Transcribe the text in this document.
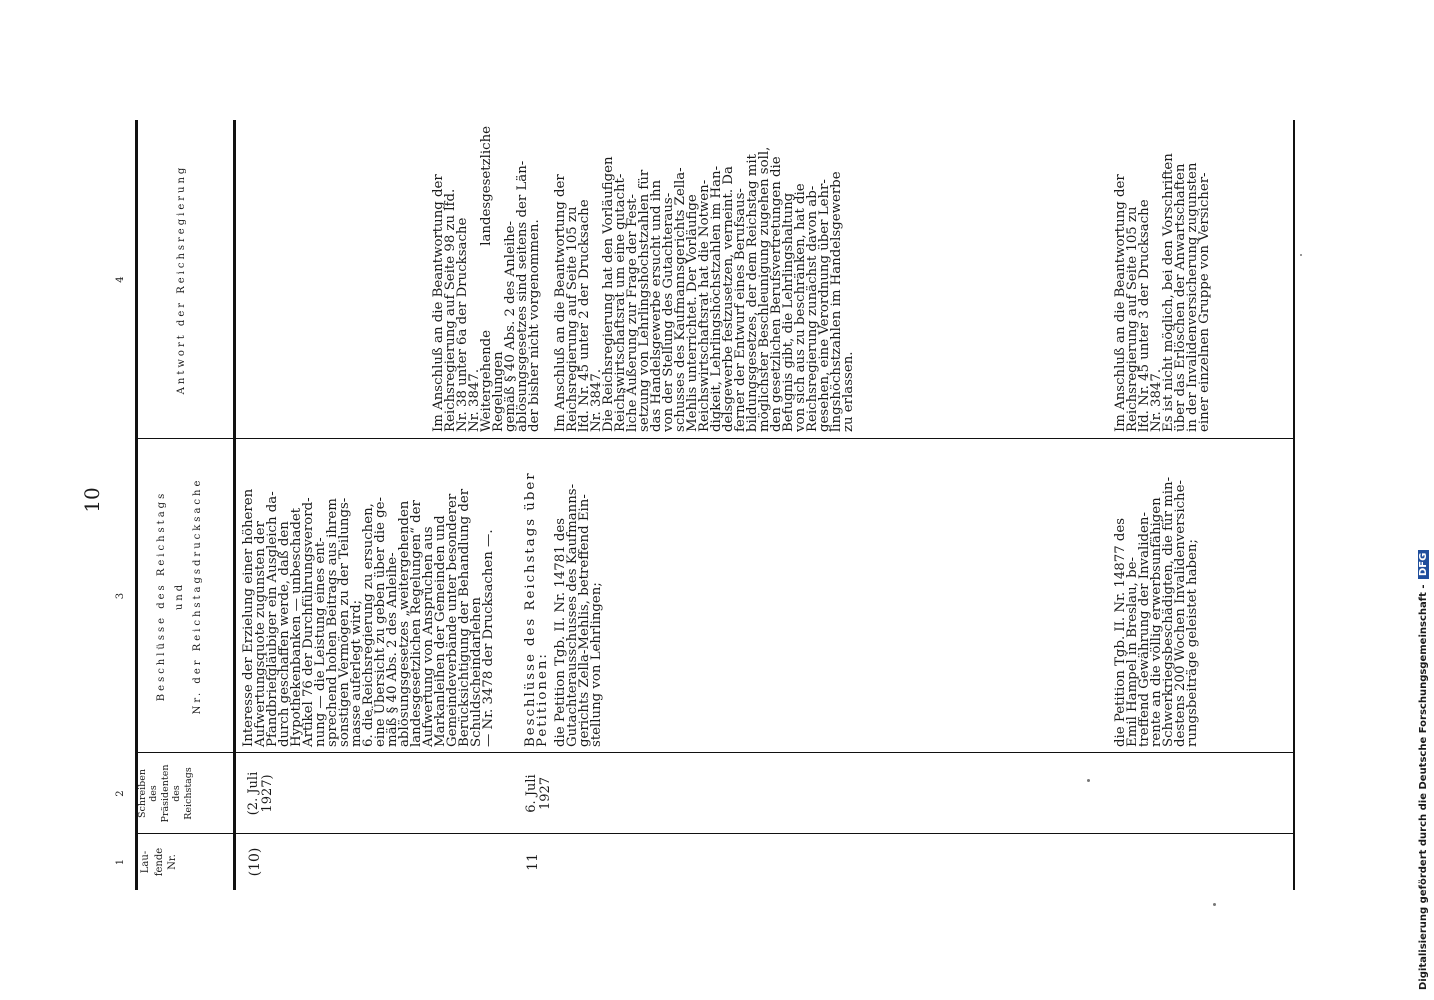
10
1
2
3
4
Lau- fende Nr.
Schreiben des Präsidenten des Reichstags
Beschlüsse des Reichstags und Nr. der Reichstagsdrucksache
Antwort der Reichsregierung
(10)
(2. Juli
1927)
Interesse der Erzielung einer höheren
Aufwertungsquote zugunsten der
Pfandbriefgläubiger ein Ausgleich da-
durch geschaffen werde, daß den
Hypothekenbanken — unbeschadet
Artikel 76 der Durchführungsverord-
nung — die Leistung eines ent-
sprechend hohen Beitrags aus ihrem
sonstigen Vermögen zu der Teilungs-
masse auferlegt wird;
6. die Reichsregierung zu ersuchen,
eine Übersicht zu geben über die ge-
mäß § 40 Abs. 2 des Anleihe-
ablösungsgesetzes „weitergehenden
landesgesetzlichen Regelungen“ der
Aufwertung von Ansprüchen aus
Markanleihen der Gemeinden und
Gemeindeverbände unter besonderer
Berücksichtigung der Behandlung der
Schuldscheindarlehen
— Nr. 3478 der Drucksachen —.
Im Anschluß an die Beantwortung der
Reichsregierung auf Seite 98 zu lfd.
Nr. 38 unter 6a der Drucksache
Nr. 3847.
Weitergehende landesgesetzliche Regelungen
gemäß § 40 Abs. 2 des Anleihe-
ablösungsgesetzes sind seitens der Län-
der bisher nicht vorgenommen.
11
6. Juli
1927
Beschlüsse des Reichstags über
Petitionen: die Petition Tgb. II. Nr. 14781 des
Gutachterausschusses des Kaufmanns-
gerichts Zella-Mehlis, betreffend Ein-
stellung von Lehrlingen;
Im Anschluß an die Beantwortung der
Reichsregierung auf Seite 105 zu
lfd. Nr. 45 unter 2 der Drucksache
Nr. 3847.
Die Reichsregierung hat den Vorläufigen
Reichswirtschaftsrat um eine gutacht-
liche Äußerung zur Frage der Fest-
setzung von Lehrlingshöchstzahlen für
das Handelsgewerbe ersucht und ihn
von der Stellung des Gutachteraus-
schusses des Kaufmannsgerichts Zella-
Mehlis unterrichtet. Der Vorläufige
Reichswirtschaftsrat hat die Notwen-
digkeit, Lehrlingshöchstzahlen im Han-
delsgewerbe festzusetzen, verneint. Da
ferner der Entwurf eines Berufsaus-
bildungsgesetzes, der dem Reichstag mit
möglichster Beschleunigung zugehen soll,
den gesetzlichen Berufsvertretungen die
Befugnis gibt, die Lehrlingshaltung
von sich aus zu beschränken, hat die
Reichsregierung zunächst davon ab-
gesehen, eine Verordnung über Lehr-
lingshöchstzahlen im Handelsgewerbe
zu erlassen.
die Petition Tgb. II. Nr. 14877 des
Emil Hampel in Breslau, be-
treffend Gewährung der Invaliden-
rente an die völlig erwerbsunfähigen
Schwerkriegsbeschädigten, die für min-
destens 200 Wochen Invalidenversiche-
rungsbeiträge geleistet haben;
Im Anschluß an die Beantwortung der
Reichsregierung auf Seite 105 zu
lfd. Nr. 45 unter 3 der Drucksache
Nr. 3847.
Es ist nicht möglich, bei den Vorschriften
über das Erlöschen der Anwartschaften
in der Invalidenversicherung zugunsten
einer einzelnen Gruppe von Versicher-
Digitalisierung gefördert durch die Deutsche Forschungsgemeinschaft - DFG
